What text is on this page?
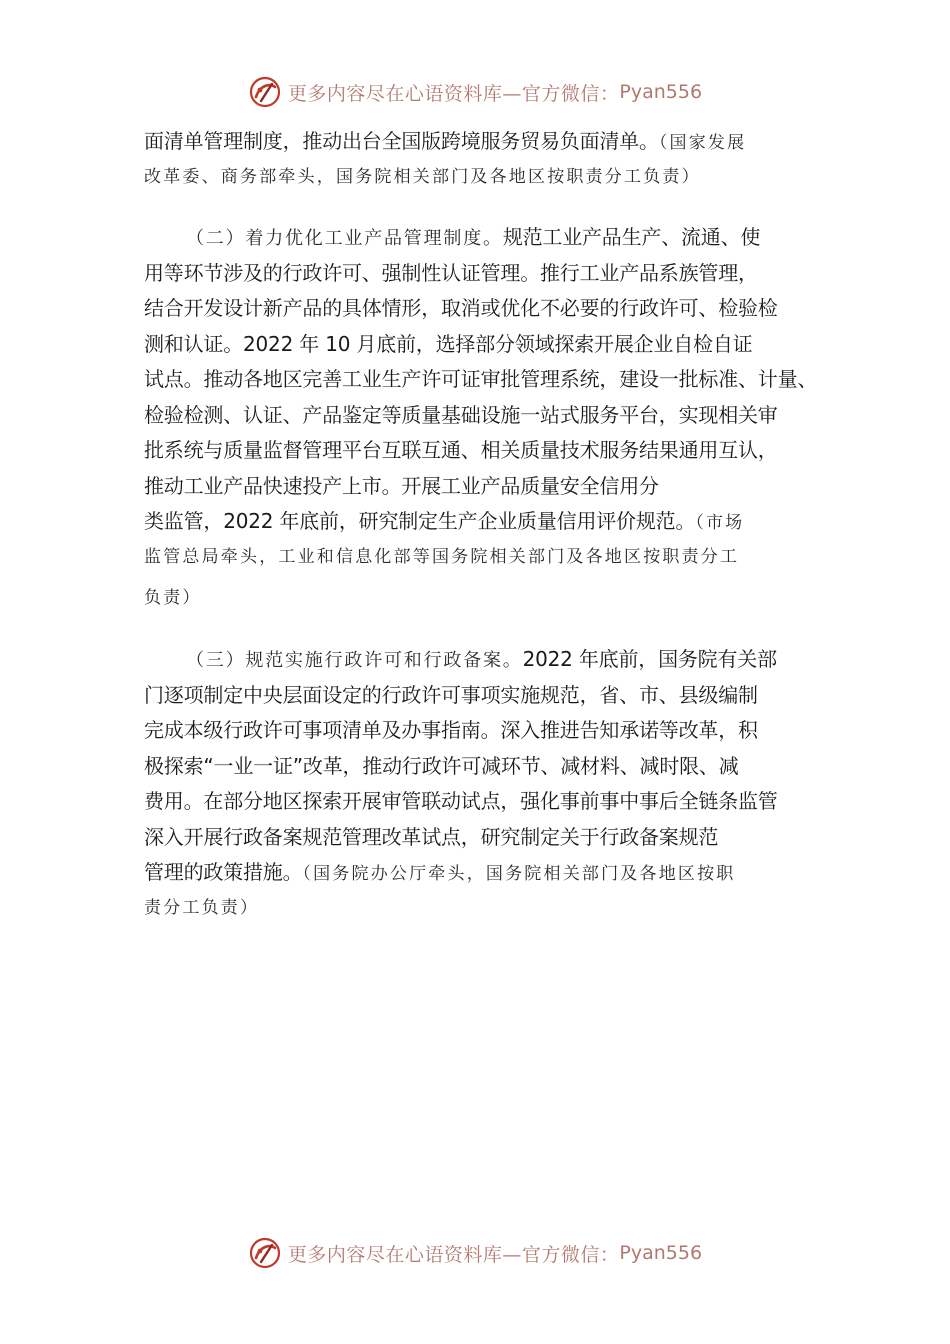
更多内容尽在心语资料库—官方微信： Pyan556
面清单管理制度，推动出台全国版跨境服务贸易负面清单。（国家发展
改革委、商务部牵头，国务院相关部门及各地区按职责分工负责）
（二）着力优化工业产品管理制度。规范工业产品生产、流通、使
用等环节涉及的行政许可、强制性认证管理。推行工业产品系族管理，
结合开发设计新产品的具体情形，取消或优化不必要的行政许可、检验检
测和认证。2022 年 10 月底前，选择部分领域探索开展企业自检自证
试点。推动各地区完善工业生产许可证审批管理系统，建设一批标准、计量、
检验检测、认证、产品鉴定等质量基础设施一站式服务平台，实现相关审
批系统与质量监督管理平台互联互通、相关质量技术服务结果通用互认，
推动工业产品快速投产上市。开展工业产品质量安全信用分
类监管，2022 年底前，研究制定生产企业质量信用评价规范。（市场
监管总局牵头，工业和信息化部等国务院相关部门及各地区按职责分工
负责）
（三）规范实施行政许可和行政备案。2022 年底前，国务院有关部
门逐项制定中央层面设定的行政许可事项实施规范，省、市、县级编制
完成本级行政许可事项清单及办事指南。深入推进告知承诺等改革，积
极探索“一业一证”改革，推动行政许可减环节、减材料、减时限、减
费用。在部分地区探索开展审管联动试点，强化事前事中事后全链条监管
深入开展行政备案规范管理改革试点，研究制定关于行政备案规范
管理的政策措施。（国务院办公厅牵头，国务院相关部门及各地区按职
责分工负责）
更多内容尽在心语资料库—官方微信： Pyan556
